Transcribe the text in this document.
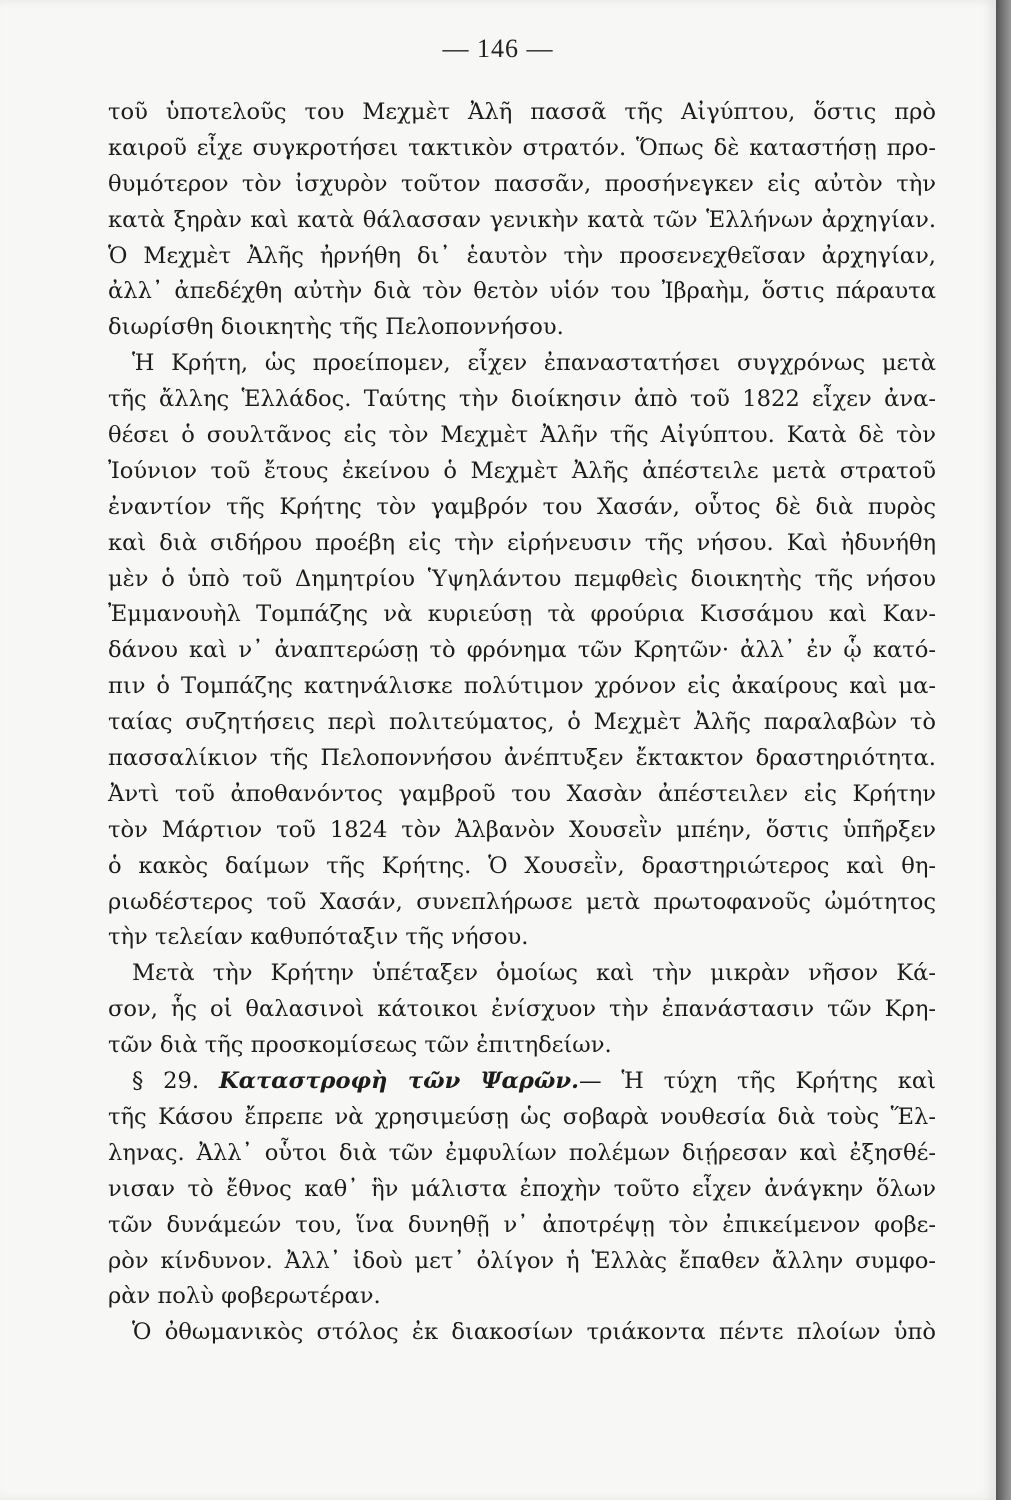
— 146 —
τοῦ ὑποτελοῦς του Μεχμὲτ Ἀλῆ πασσᾶ τῆς Αἰγύπτου, ὅστις πρὸ
καιροῦ εἶχε συγκροτήσει τακτικὸν στρατόν. Ὅπως δὲ καταστήσῃ προ-
θυμότερον τὸν ἰσχυρὸν τοῦτον πασσᾶν, προσήνεγκεν εἰς αὐτὸν τὴν
κατὰ ξηρὰν καὶ κατὰ θάλασσαν γενικὴν κατὰ τῶν Ἑλλήνων ἀρχηγίαν.
Ὁ Μεχμὲτ Ἀλῆς ἠρνήθη δι᾽ ἑαυτὸν τὴν προσενεχθεῖσαν ἀρχηγίαν,
ἀλλ᾽ ἀπεδέχθη αὐτὴν διὰ τὸν θετὸν υἱόν του Ἰβραὴμ, ὅστις πάραυτα
διωρίσθη διοικητὴς τῆς Πελοποννήσου.
Ἡ Κρήτη, ὡς προείπομεν, εἶχεν ἐπαναστατήσει συγχρόνως μετὰ
τῆς ἄλλης Ἑλλάδος. Ταύτης τὴν διοίκησιν ἀπὸ τοῦ 1822 εἶχεν ἀνα-
θέσει ὁ σουλτᾶνος εἰς τὸν Μεχμὲτ Ἀλῆν τῆς Αἰγύπτου. Κατὰ δὲ τὸν
Ἰούνιον τοῦ ἔτους ἐκείνου ὁ Μεχμὲτ Ἀλῆς ἀπέστειλε μετὰ στρατοῦ
ἐναντίον τῆς Κρήτης τὸν γαμβρόν του Χασάν, οὗτος δὲ διὰ πυρὸς
καὶ διὰ σιδήρου προέβη εἰς τὴν εἰρήνευσιν τῆς νήσου. Καὶ ἠδυνήθη
μὲν ὁ ὑπὸ τοῦ Δημητρίου Ὑψηλάντου πεμφθεὶς διοικητὴς τῆς νήσου
Ἐμμανουὴλ Τομπάζης νὰ κυριεύσῃ τὰ φρούρια Κισσάμου καὶ Καν-
δάνου καὶ ν᾽ ἀναπτερώσῃ τὸ φρόνημα τῶν Κρητῶν· ἀλλ᾽ ἐν ᾧ κατό-
πιν ὁ Τομπάζης κατηνάλισκε πολύτιμον χρόνον εἰς ἀκαίρους καὶ μα-
ταίας συζητήσεις περὶ πολιτεύματος, ὁ Μεχμὲτ Ἀλῆς παραλαβὼν τὸ
πασσαλίκιον τῆς Πελοποννήσου ἀνέπτυξεν ἔκτακτον δραστηριότητα.
Ἀντὶ τοῦ ἀποθανόντος γαμβροῦ του Χασὰν ἀπέστειλεν εἰς Κρήτην
τὸν Μάρτιον τοῦ 1824 τὸν Ἀλβανὸν Χουσεῒν μπέην, ὅστις ὑπῆρξεν
ὁ κακὸς δαίμων τῆς Κρήτης. Ὁ Χουσεῒν, δραστηριώτερος καὶ θη-
ριωδέστερος τοῦ Χασάν, συνεπλήρωσε μετὰ πρωτοφανοῦς ὠμότητος
τὴν τελείαν καθυπόταξιν τῆς νήσου.
Μετὰ τὴν Κρήτην ὑπέταξεν ὁμοίως καὶ τὴν μικρὰν νῆσον Κά-
σον, ἧς οἱ θαλασινοὶ κάτοικοι ἐνίσχυον τὴν ἐπανάστασιν τῶν Κρη-
τῶν διὰ τῆς προσκομίσεως τῶν ἐπιτηδείων.
§ 29. Καταστροφὴ τῶν Ψαρῶν.— Ἡ τύχη τῆς Κρήτης καὶ
τῆς Κάσου ἔπρεπε νὰ χρησιμεύσῃ ὡς σοβαρὰ νουθεσία διὰ τοὺς Ἕλ-
ληνας. Ἀλλ᾽ οὗτοι διὰ τῶν ἐμφυλίων πολέμων διῄρεσαν καὶ ἐξησθέ-
νισαν τὸ ἔθνος καθ᾽ ἣν μάλιστα ἐποχὴν τοῦτο εἶχεν ἀνάγκην ὅλων
τῶν δυνάμεών του, ἵνα δυνηθῇ ν᾽ ἀποτρέψῃ τὸν ἐπικείμενον φοβε-
ρὸν κίνδυνον. Ἀλλ᾽ ἰδοὺ μετ᾽ ὀλίγον ἡ Ἑλλὰς ἔπαθεν ἄλλην συμφο-
ρὰν πολὺ φοβερωτέραν.
Ὁ ὀθωμανικὸς στόλος ἐκ διακοσίων τριάκοντα πέντε πλοίων ὑπὸ
